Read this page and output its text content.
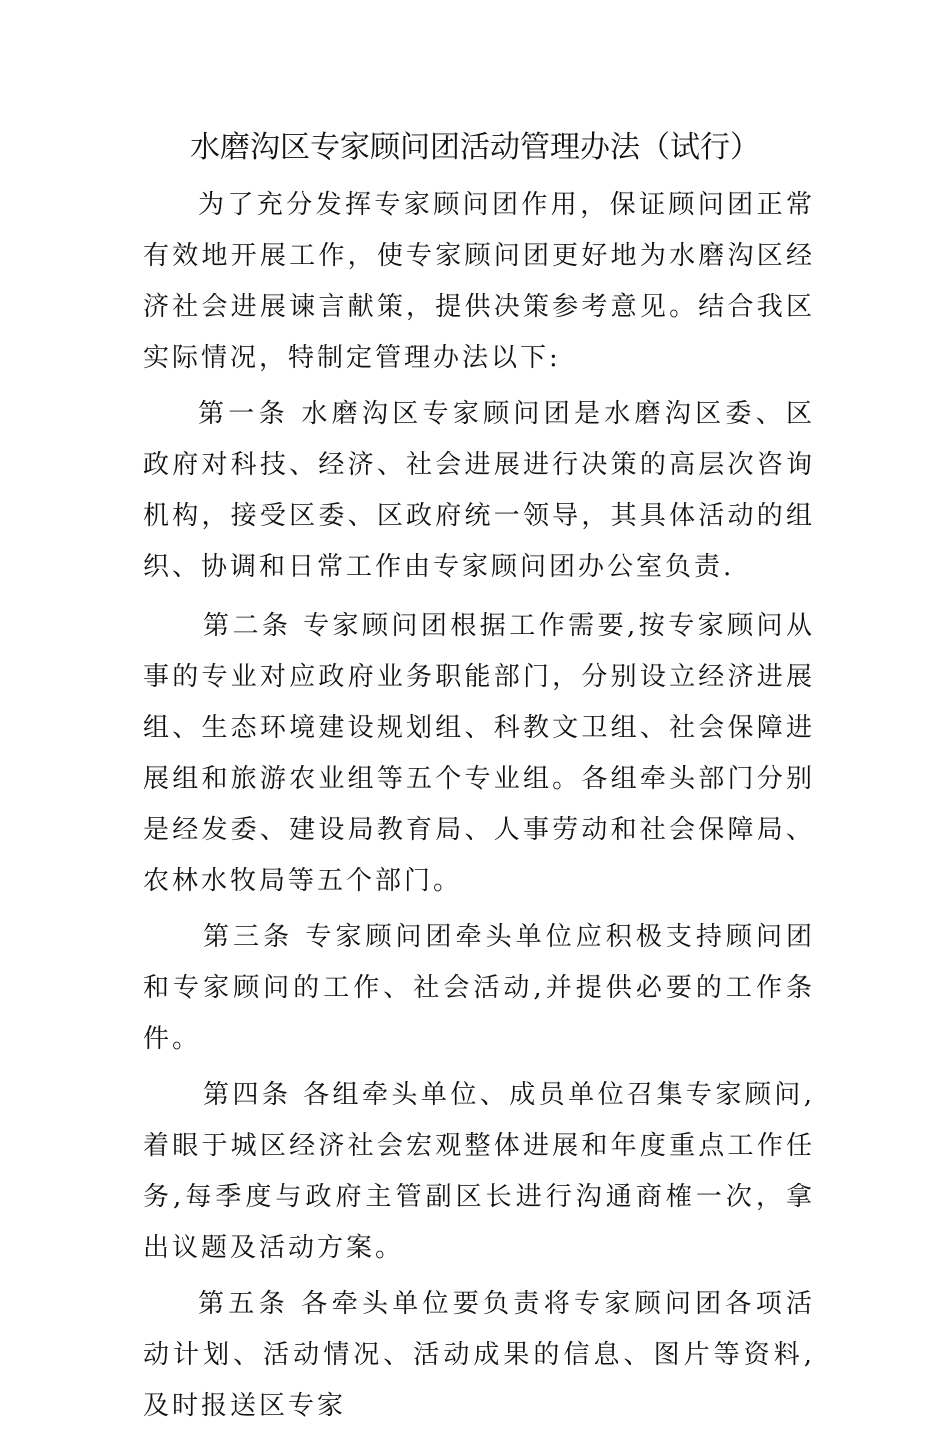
水磨沟区专家顾问团活动管理办法（试行）

为了充分发挥专家顾问团作用，保证顾问团正常有效地开展工作，使专家顾问团更好地为水磨沟区经济社会进展谏言献策，提供决策参考意见。结合我区实际情况，特制定管理办法以下:

第一条 水磨沟区专家顾问团是水磨沟区委、区政府对科技、经济、社会进展进行决策的高层次咨询机构，接受区委、区政府统一领导，其具体活动的组织、协调和日常工作由专家顾问团办公室负责.

第二条 专家顾问团根据工作需要,按专家顾问从事的专业对应政府业务职能部门，分别设立经济进展组、生态环境建设规划组、科教文卫组、社会保障进展组和旅游农业组等五个专业组。各组牵头部门分别是经发委、建设局教育局、人事劳动和社会保障局、农林水牧局等五个部门。

第三条 专家顾问团牵头单位应积极支持顾问团和专家顾问的工作、社会活动,并提供必要的工作条件。

第四条 各组牵头单位、成员单位召集专家顾问,着眼于城区经济社会宏观整体进展和年度重点工作任务,每季度与政府主管副区长进行沟通商榷一次，拿出议题及活动方案。

第五条 各牵头单位要负责将专家顾问团各项活动计划、活动情况、活动成果的信息、图片等资料,及时报送区专家
